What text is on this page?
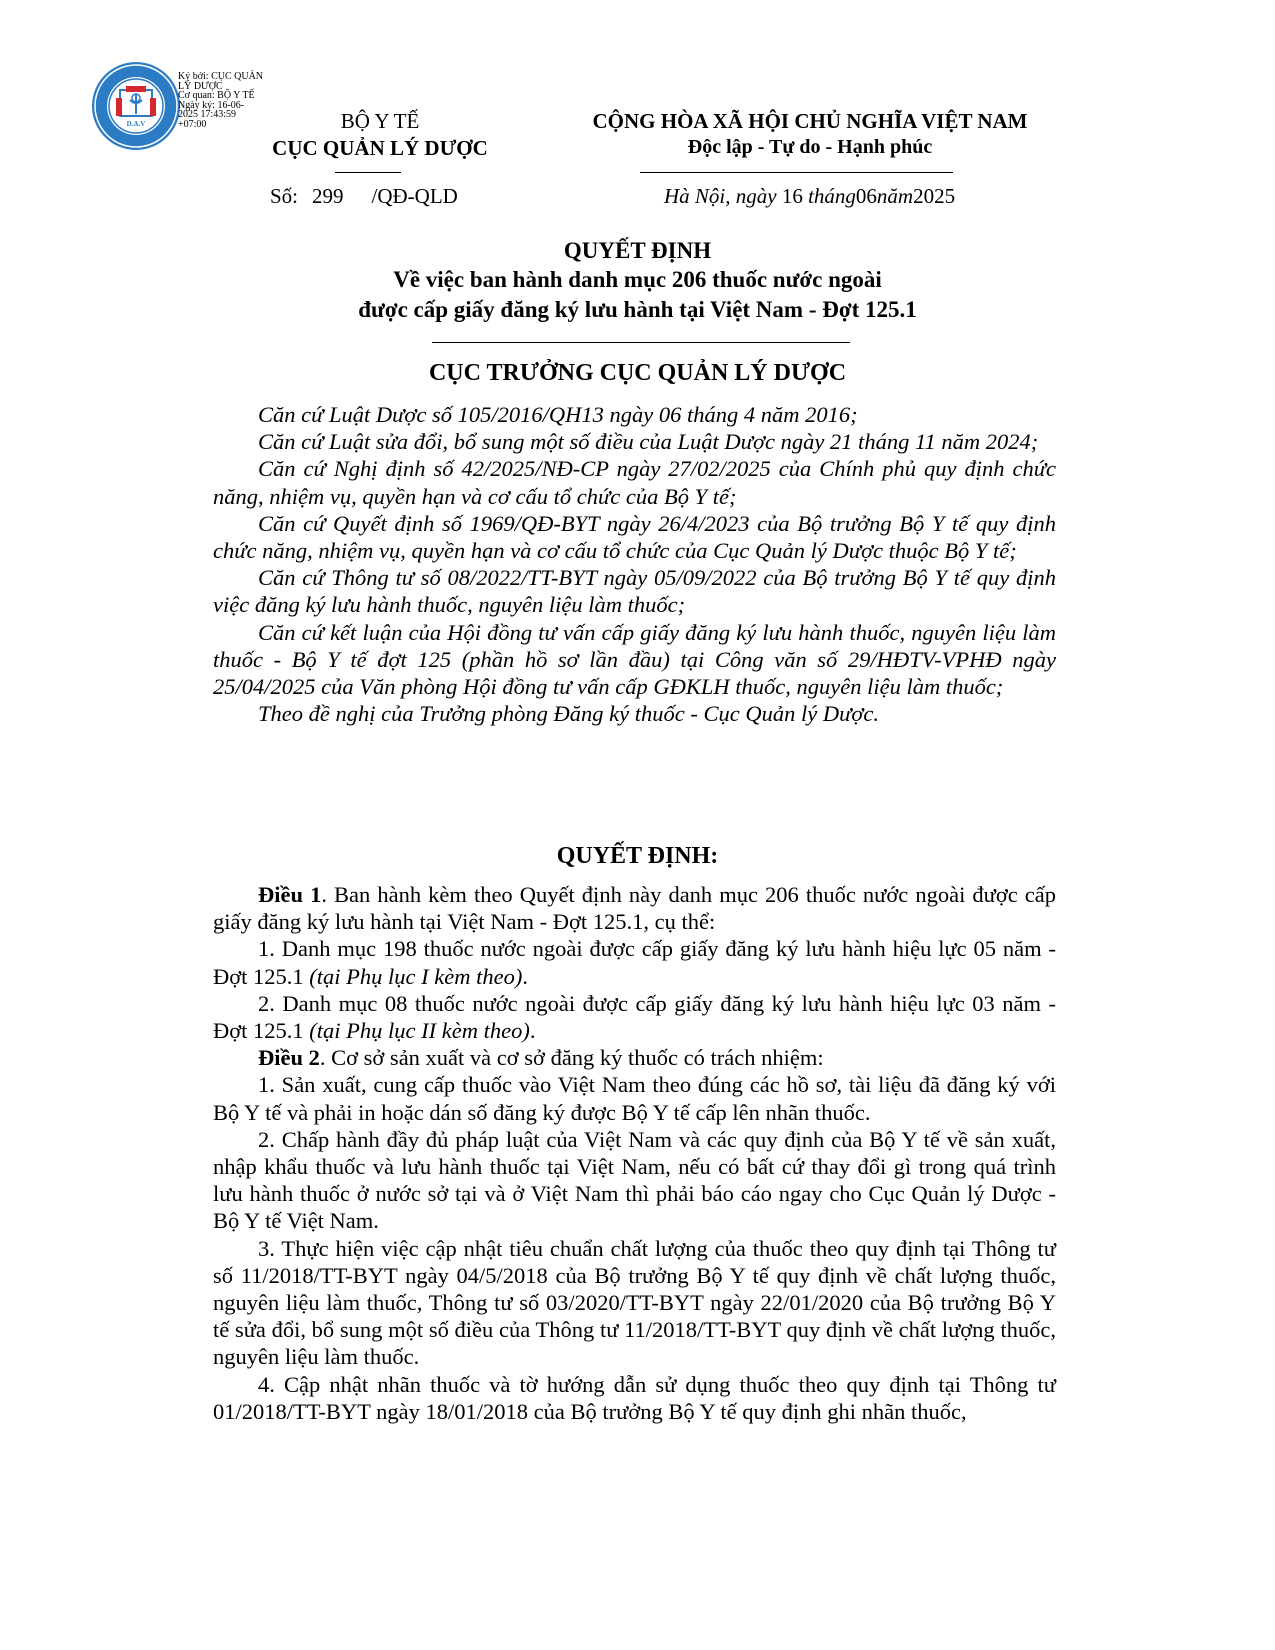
D.A.V
Ký bởi: CỤC QUẢN
LÝ DƯỢC
Cơ quan: BỘ Y TẾ
Ngày ký: 16-06-
2025 17:43:59
+07:00	BỘ Y TẾ
CỤC QUẢN LÝ DƯỢC
Số: 299 /QĐ-QLD
CỘNG HÒA XÃ HỘI CHỦ NGHĨA VIỆT NAM
Độc lập - Tự do - Hạnh phúc
Hà Nội, ngày 16 tháng06năm2025
QUYẾT ĐỊNH
Về việc ban hành danh mục 206 thuốc nước ngoài
được cấp giấy đăng ký lưu hành tại Việt Nam - Đợt 125.1
CỤC TRƯỞNG CỤC QUẢN LÝ DƯỢC

Căn cứ Luật Dược số 105/2016/QH13 ngày 06 tháng 4 năm 2016;

Căn cứ Luật sửa đổi, bổ sung một số điều của Luật Dược ngày 21 tháng 11 năm 2024;

Căn cứ Nghị định số 42/2025/NĐ-CP ngày 27/02/2025 của Chính phủ quy định chức năng, nhiệm vụ, quyền hạn và cơ cấu tổ chức của Bộ Y tế;

Căn cứ Quyết định số 1969/QĐ-BYT ngày 26/4/2023 của Bộ trưởng Bộ Y tế quy định chức năng, nhiệm vụ, quyền hạn và cơ cấu tổ chức của Cục Quản lý Dược thuộc Bộ Y tế;

Căn cứ Thông tư số 08/2022/TT-BYT ngày 05/09/2022 của Bộ trưởng Bộ Y tế quy định việc đăng ký lưu hành thuốc, nguyên liệu làm thuốc;

Căn cứ kết luận của Hội đồng tư vấn cấp giấy đăng ký lưu hành thuốc, nguyên liệu làm thuốc - Bộ Y tế đợt 125 (phần hồ sơ lần đầu) tại Công văn số 29/HĐTV-VPHĐ ngày 25/04/2025 của Văn phòng Hội đồng tư vấn cấp GĐKLH thuốc, nguyên liệu làm thuốc;

Theo đề nghị của Trưởng phòng Đăng ký thuốc - Cục Quản lý Dược.

QUYẾT ĐỊNH:

Điều 1. Ban hành kèm theo Quyết định này danh mục 206 thuốc nước ngoài được cấp giấy đăng ký lưu hành tại Việt Nam - Đợt 125.1, cụ thể:

1. Danh mục 198 thuốc nước ngoài được cấp giấy đăng ký lưu hành hiệu lực 05 năm - Đợt 125.1 (tại Phụ lục I kèm theo).

2. Danh mục 08 thuốc nước ngoài được cấp giấy đăng ký lưu hành hiệu lực 03 năm - Đợt 125.1 (tại Phụ lục II kèm theo).

Điều 2. Cơ sở sản xuất và cơ sở đăng ký thuốc có trách nhiệm:

1. Sản xuất, cung cấp thuốc vào Việt Nam theo đúng các hồ sơ, tài liệu đã đăng ký với Bộ Y tế và phải in hoặc dán số đăng ký được Bộ Y tế cấp lên nhãn thuốc.

2. Chấp hành đầy đủ pháp luật của Việt Nam và các quy định của Bộ Y tế về sản xuất, nhập khẩu thuốc và lưu hành thuốc tại Việt Nam, nếu có bất cứ thay đổi gì trong quá trình lưu hành thuốc ở nước sở tại và ở Việt Nam thì phải báo cáo ngay cho Cục Quản lý Dược - Bộ Y tế Việt Nam.

3. Thực hiện việc cập nhật tiêu chuẩn chất lượng của thuốc theo quy định tại Thông tư số 11/2018/TT-BYT ngày 04/5/2018 của Bộ trưởng Bộ Y tế quy định về chất lượng thuốc, nguyên liệu làm thuốc, Thông tư số 03/2020/TT-BYT ngày 22/01/2020 của Bộ trưởng Bộ Y tế sửa đổi, bổ sung một số điều của Thông tư 11/2018/TT-BYT quy định về chất lượng thuốc, nguyên liệu làm thuốc.

4. Cập nhật nhãn thuốc và tờ hướng dẫn sử dụng thuốc theo quy định tại Thông tư 01/2018/TT-BYT ngày 18/01/2018 của Bộ trưởng Bộ Y tế quy định ghi nhãn thuốc,
